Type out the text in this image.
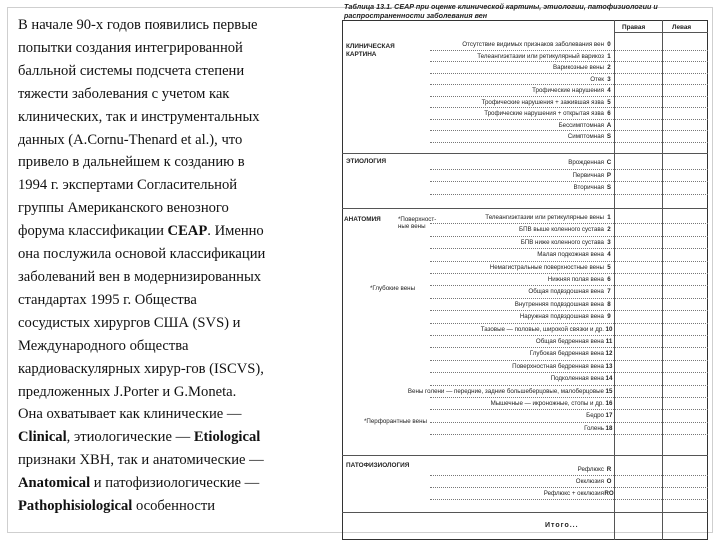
В начале 90-х годов появились первые
попытки создания интегрированной
балльной системы подсчета степени
тяжести заболевания с учетом как
клинических, так и инструментальных
данных (A.Cornu-Thenard et al.), что
привело в дальнейшем к созданию в
1994 г. экспертами Согласительной
группы Американского венозного
форума классификации CEAP. Именно
она послужила основой классификации
заболеваний вен в модернизированных
стандартах 1995 г. Общества
сосудистых хирургов США (SVS) и
Международного общества
кардиоваскулярных хирур-гов (ISCVS),
предложенных J.Porter и G.Moneta.
Она охватывает как клинические —
Clinical, этиологические — Etiological
признаки ХВН, так и анатомические —
Anatomical и патофизиологические —
Pathophisiological особенности
Таблица 13.1. CEAP при оценке клинической картины, этиологии, патофизиологии и распространенности заболевания вен
Правая	Левая
КЛИНИЧЕСКАЯ КАРТИНА
ЭТИОЛОГИЯ
АНАТОМИЯ	*Поверхност-ные вены
*Глубокие вены
*Перфорантные вены
ПАТОФИЗИОЛОГИЯ
Отсутствие видимых признаков заболевания вен 0
Телеангиэктазии или ретикулярный варикоз 1
Варикозные вены 2
Отек 3
Трофические нарушения 4
Трофические нарушения + зажившая язва 5
Трофические нарушения + открытая язва 6
Бессимптомная A
Симптомная S
Врожденная C
Первичная P
Вторичная S
Телеангиэктазии или ретикулярные вены 1
БПВ выше коленного сустава 2
БПВ ниже коленного сустава 3
Малая подкожная вена 4
Немагистральные поверхностные вены 5
Нижняя полая вена 6
Общая подвздошная вена 7
Внутренняя подвздошная вена 8
Наружная подвздошная вена 9
Тазовые — половые, широкой связки и др. 10
Общая бедренная вена 11
Глубокая бедренная вена 12
Поверхностная бедренная вена 13
Подколенная вена 14
Вены голени — передние, задние большеберцовые, малоберцовые 15
Мышечные — икроножные, стопы и др. 16
Бедро 17
Голень 18
Рефлюкс R
Окклюзия O
Рефлюкс + окклюзияRO
Итого...
